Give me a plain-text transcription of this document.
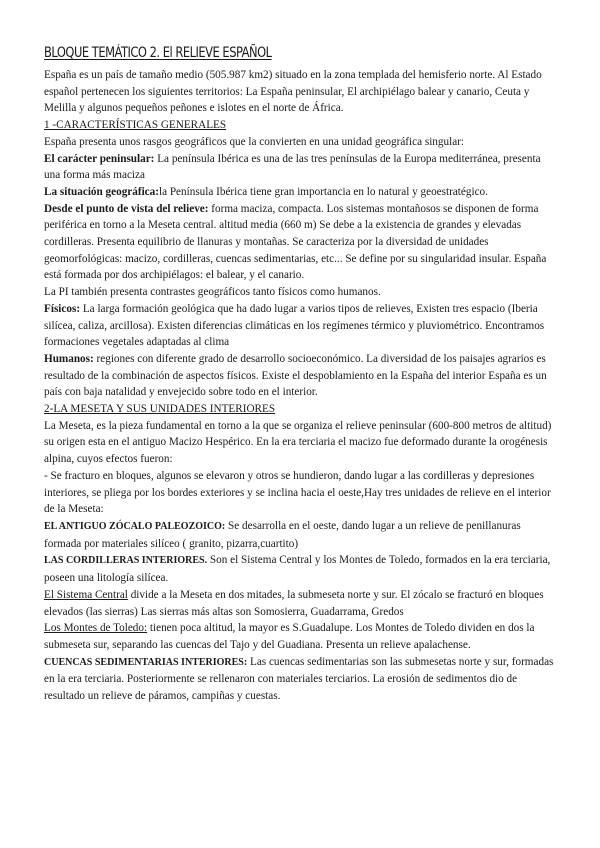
BLOQUE TEMÁTICO 2. El RELIEVE ESPAÑOL

España es un país de tamaño medio (505.987 km2) situado en la zona templada del hemisferio norte. Al Estado español pertenecen los siguientes territorios: La España peninsular, El archipiélago balear y canario, Ceuta y Melilla y algunos pequeños peñones e islotes en el norte de África.

1 -CARACTERÍSTICAS GENERALES

España presenta unos rasgos geográficos que la convierten en una unidad geográfica singular:

El carácter peninsular: La península Ibérica es una de las tres penínsulas de la Europa mediterránea, presenta una forma más maciza

La situación geográfica:la Península Ibérica tiene gran importancia en lo natural y geoestratégico.

Desde el punto de vista del relieve: forma maciza, compacta. Los sistemas montañosos se disponen de forma periférica en torno a la Meseta central. altitud media (660 m) Se debe a la existencia de grandes y elevadas cordilleras. Presenta equilibrio de llanuras y montañas. Se caracteriza por la diversidad de unidades geomorfológicas: macizo, cordilleras, cuencas sedimentarias, etc... Se define por su singularidad insular. España está formada por dos archipiélagos: el balear, y el canario.

La PI también presenta contrastes geográficos tanto físicos como humanos.

Físicos: La larga formación geológica que ha dado lugar a varios tipos de relieves, Existen tres espacio (Iberia silícea, caliza, arcillosa). Existen diferencias climáticas en los regímenes térmico y pluviométrico. Encontramos formaciones vegetales adaptadas al clima

Humanos: regiones con diferente grado de desarrollo socioeconómico. La diversidad de los paisajes agrarios es resultado de la combinación de aspectos físicos. Existe el despoblamiento en la España del interior España es un país con baja natalidad y envejecido sobre todo en el interior.

2-LA MESETA Y SUS UNIDADES INTERIORES

La Meseta, es la pieza fundamental en torno a la que se organiza el relieve peninsular (600-800 metros de altitud) su origen esta en el antiguo Macizo Hespérico. En la era terciaria el macizo fue deformado durante la orogénesis alpina, cuyos efectos fueron:

- Se fracturo en bloques, algunos se elevaron y otros se hundieron, dando lugar a las cordilleras y depresiones interiores, se pliega por los bordes exteriores y se inclina hacia el oeste,Hay tres unidades de relieve en el interior de la Meseta:

EL ANTIGUO ZÓCALO PALEOZOICO: Se desarrolla en el oeste, dando lugar a un relieve de penillanuras formada por materiales silíceo ( granito, pizarra,cuartito)

LAS CORDILLERAS INTERIORES. Son el Sistema Central y los Montes de Toledo, formados en la era terciaria, poseen una litología silícea.

El Sistema Central divide a la Meseta en dos mitades, la submeseta norte y sur. El zócalo se fracturó en bloques elevados (las sierras) Las sierras más altas son Somosierra, Guadarrama, Gredos

Los Montes de Toledo: tienen poca altitud, la mayor es S.Guadalupe. Los Montes de Toledo dividen en dos la submeseta sur, separando las cuencas del Tajo y del Guadiana. Presenta un relieve apalachense.

CUENCAS SEDIMENTARIAS INTERIORES: Las cuencas sedimentarias son las submesetas norte y sur, formadas en la era terciaria. Posteriormente se rellenaron con materiales terciarios. La erosión de sedimentos dio de resultado un relieve de páramos, campiñas y cuestas.
